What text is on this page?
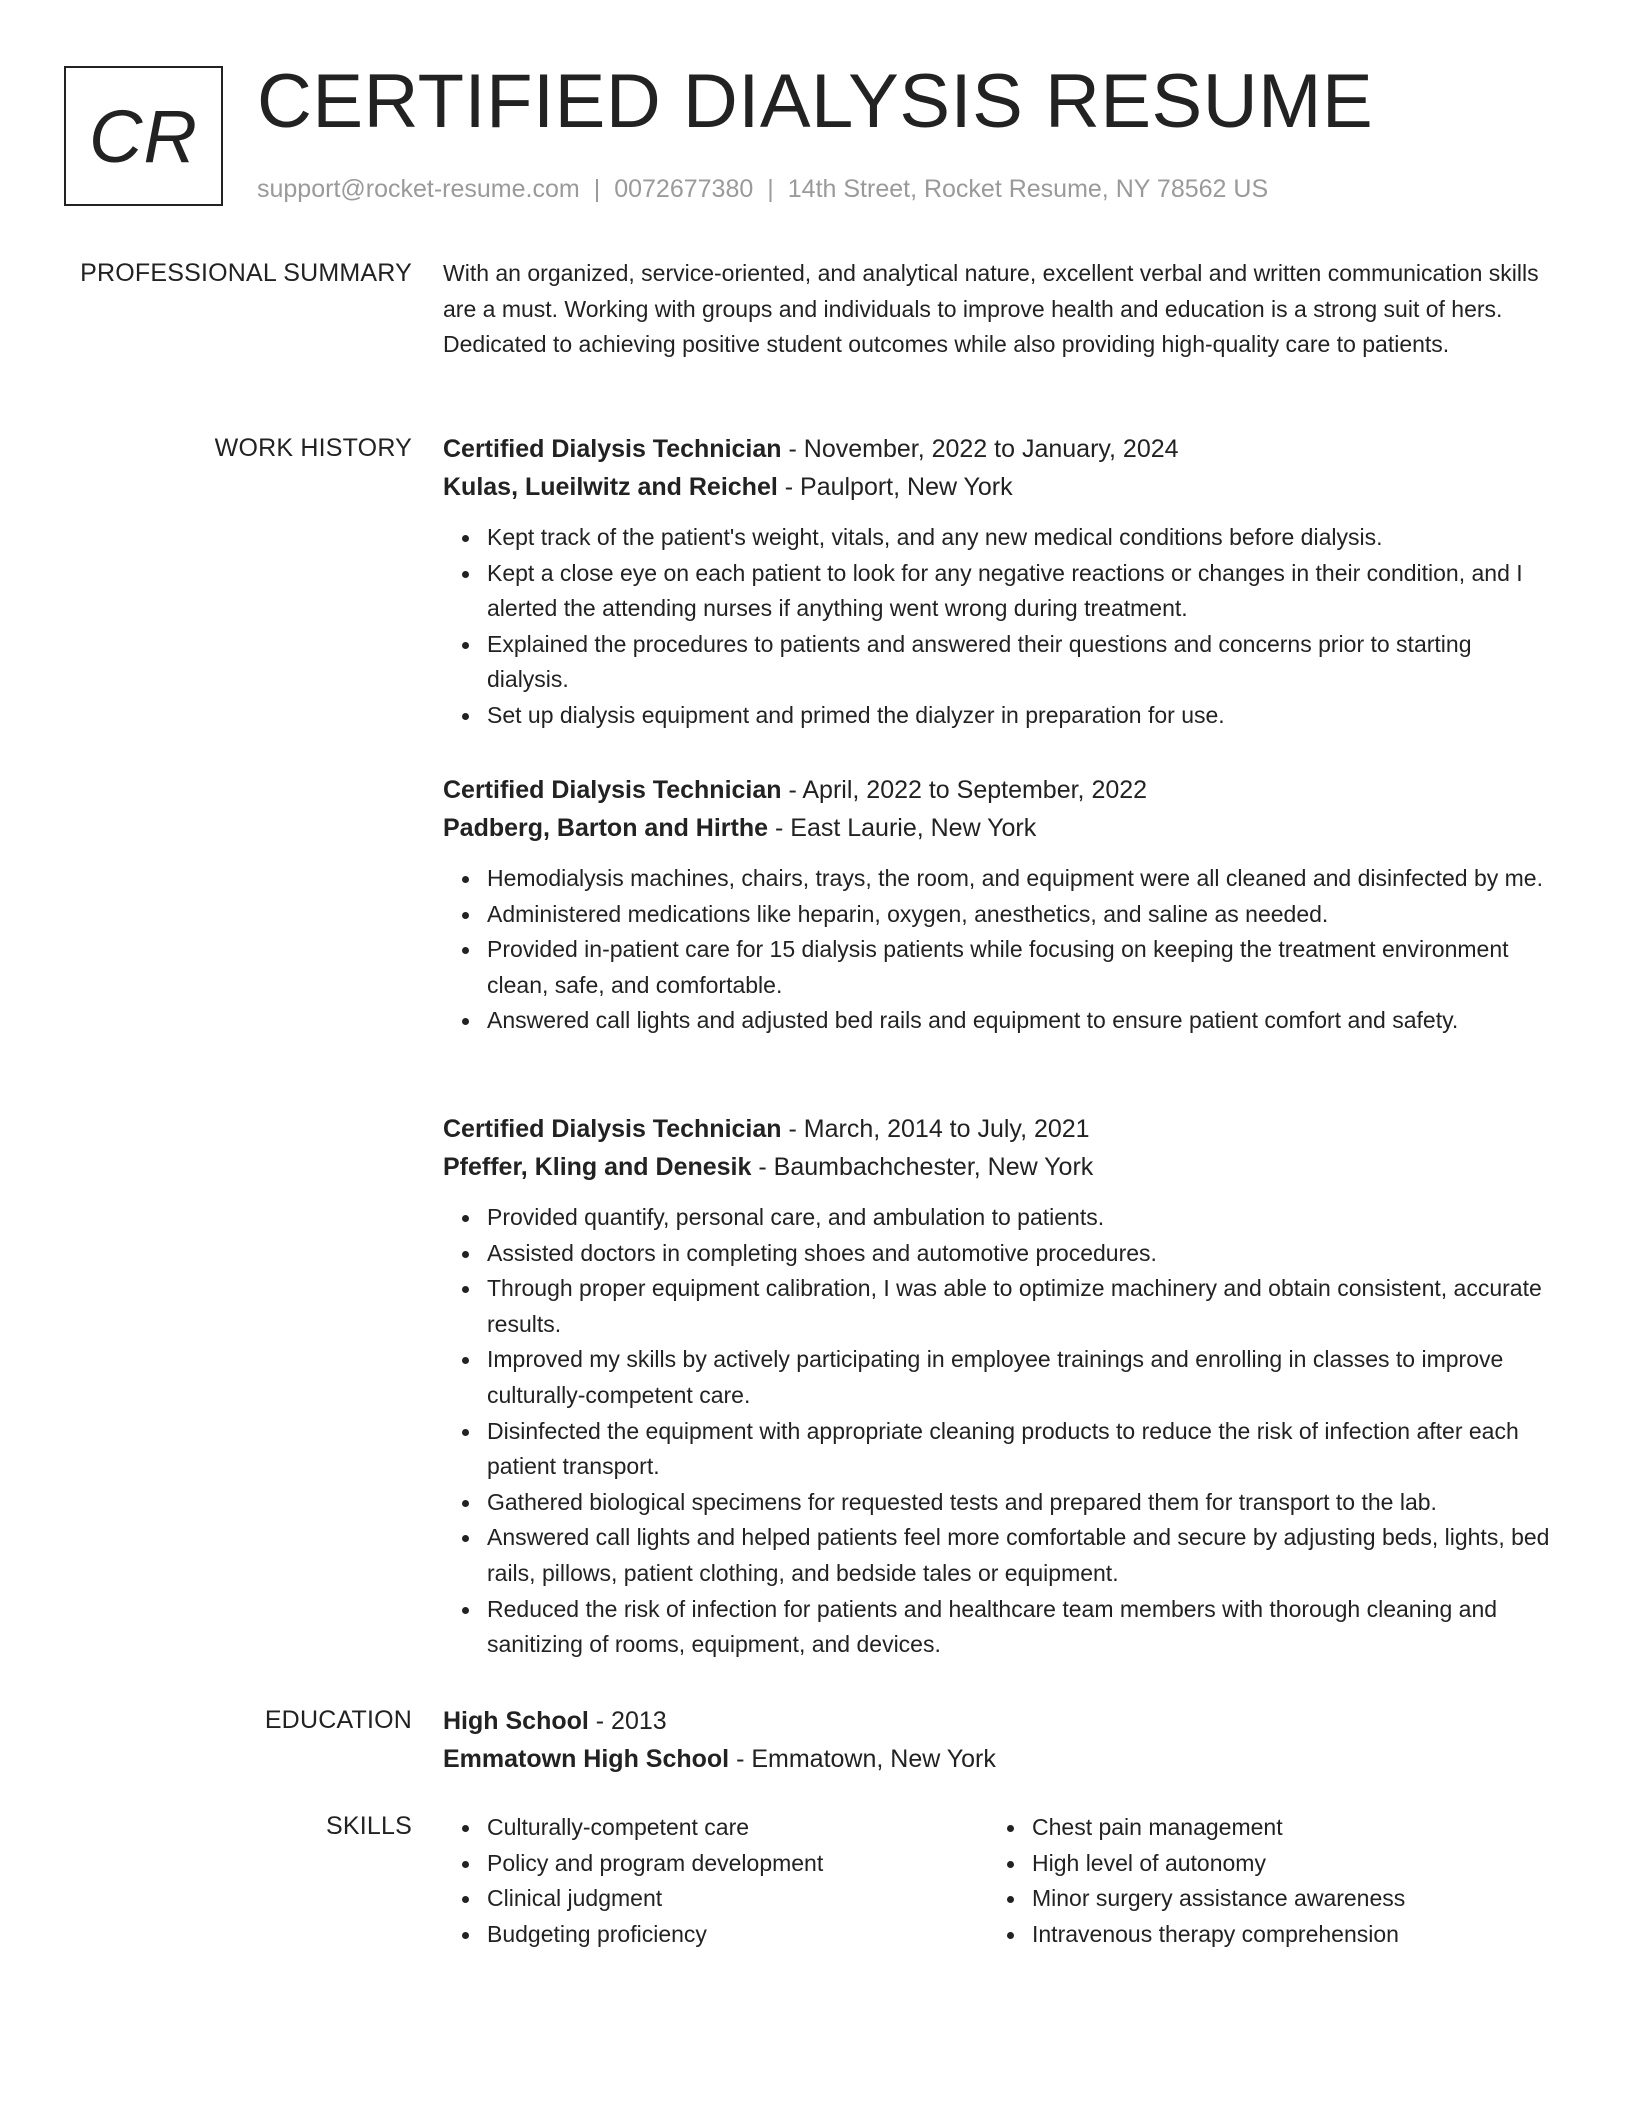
CR CERTIFIED DIALYSIS RESUME
support@rocket-resume.com | 0072677380 | 14th Street, Rocket Resume, NY 78562 US
PROFESSIONAL SUMMARY With an organized, service-oriented, and analytical nature, excellent verbal and written communication skills are a must. Working with groups and individuals to improve health and education is a strong suit of hers. Dedicated to achieving positive student outcomes while also providing high-quality care to patients.

WORK HISTORY Certified Dialysis Technician - November, 2022 to January, 2024
Kulas, Lueilwitz and Reichel - Paulport, New York
Kept track of the patient's weight, vitals, and any new medical conditions before dialysis.
Kept a close eye on each patient to look for any negative reactions or changes in their condition, and I alerted the attending nurses if anything went wrong during treatment.
Explained the procedures to patients and answered their questions and concerns prior to starting dialysis.
Set up dialysis equipment and primed the dialyzer in preparation for use.
Certified Dialysis Technician - April, 2022 to September, 2022
Padberg, Barton and Hirthe - East Laurie, New York
Hemodialysis machines, chairs, trays, the room, and equipment were all cleaned and disinfected by me.
Administered medications like heparin, oxygen, anesthetics, and saline as needed.
Provided in-patient care for 15 dialysis patients while focusing on keeping the treatment environment clean, safe, and comfortable.
Answered call lights and adjusted bed rails and equipment to ensure patient comfort and safety.
Certified Dialysis Technician - March, 2014 to July, 2021
Pfeffer, Kling and Denesik - Baumbachchester, New York
Provided quantify, personal care, and ambulation to patients.
Assisted doctors in completing shoes and automotive procedures.
Through proper equipment calibration, I was able to optimize machinery and obtain consistent, accurate results.
Improved my skills by actively participating in employee trainings and enrolling in classes to improve culturally-competent care.
Disinfected the equipment with appropriate cleaning products to reduce the risk of infection after each patient transport.
Gathered biological specimens for requested tests and prepared them for transport to the lab.
Answered call lights and helped patients feel more comfortable and secure by adjusting beds, lights, bed rails, pillows, patient clothing, and bedside tales or equipment.
Reduced the risk of infection for patients and healthcare team members with thorough cleaning and sanitizing of rooms, equipment, and devices.
EDUCATION High School - 2013
Emmatown High School - Emmatown, New York
SKILLS	Culturally-competent care
Policy and program development
Clinical judgment
Budgeting proficiency
Chest pain management
High level of autonomy
Minor surgery assistance awareness
Intravenous therapy comprehension
